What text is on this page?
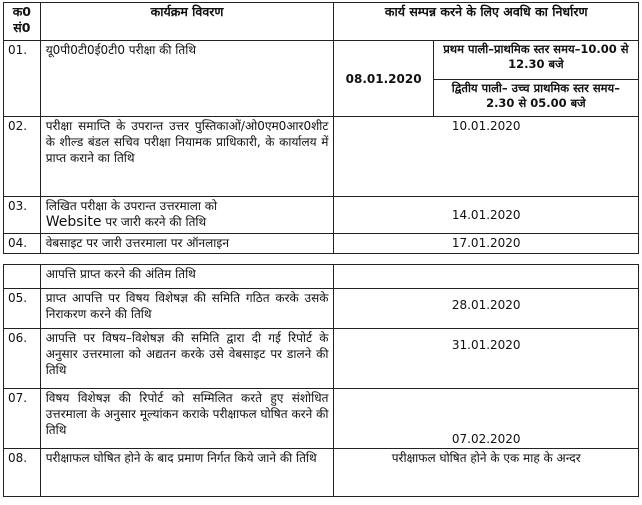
क0 सं0	कार्यक्रम विवरण	कार्य सम्पन्न करने के लिए अवधि का निर्धारण	
01.	यू0पी0टी0ई0टी0 परीक्षा की तिथि	08.01.2020	प्रथम पाली–प्राथमिक स्तर समय–10.00 से 12.30 बजे
			द्वितीय पाली– उच्च प्राथमिक स्तर समय–2.30 से 05.00 बजे
02.	परीक्षा समाप्ति के उपरान्त उत्तर पुस्तिकाओं/ओ0एम0आर0शीट के शील्ड बंडल सचिव परीक्षा नियामक प्राधिकारी, के कार्यालय में प्राप्त कराने का तिथि	10.01.2020	
03.	लिखित परीक्षा के उपरान्त उत्तरमाला को
Website पर जारी करने की तिथि	14.01.2020	
04.	वेबसाइट पर जारी उत्तरमाला पर ऑनलाइन	17.01.2020	
	आपत्ति प्राप्त करने की अंतिम तिथि	
05.	प्राप्त आपत्ति पर विषय विशेषज्ञ की समिति गठित करके उसके निराकरण करने की तिथि	28.01.2020
06.	आपत्ति पर विषय–विशेषज्ञ की समिति द्वारा दी गई रिपोर्ट के अनुसार उत्तरमाला को अद्यतन करके उसे वेबसाइट पर डालने की तिथि	31.01.2020
07.	विषय विशेषज्ञ की रिपोर्ट को सम्मिलित करते हुए संशोधित उत्तरमाला के अनुसार मूल्यांकन कराके परीक्षाफल घोषित करने की तिथि	07.02.2020
08.	परीक्षाफल घोषित होने के बाद प्रमाण निर्गत किये जाने की तिथि	परीक्षाफल घोषित होने के एक माह के अन्दर
